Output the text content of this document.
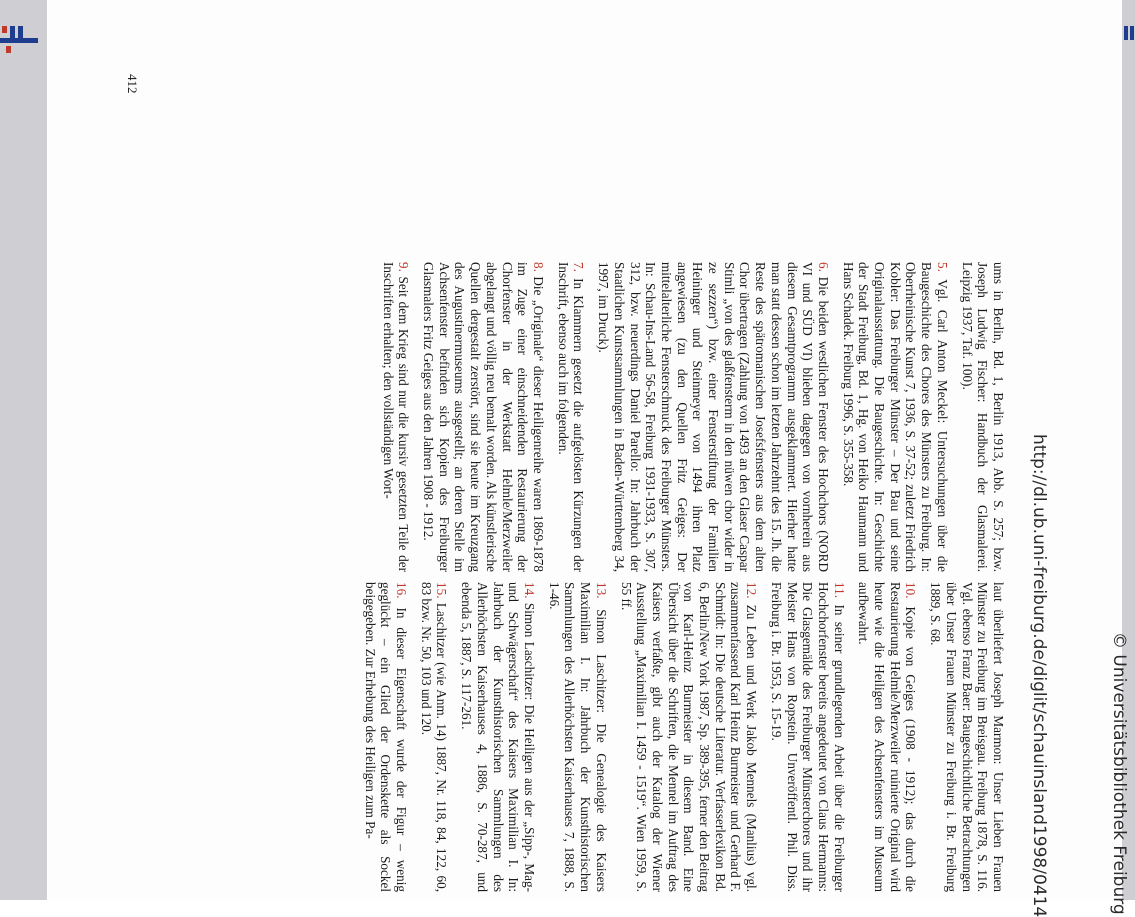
412

ums in Berlin, Bd. 1, Berlin 1913, Abb. S. 257; bzw. Joseph Ludwig Fischer: Handbuch der Glasmalerei. Leipzig 1937, Taf. 100).

5. Vgl. Carl Anton Meckel: Untersuchungen über die Baugeschichte des Chores des Münsters zu Freiburg. In: Oberrheinische Kunst 7, 1936, S. 37-52; zuletzt Friedrich Kobler: Das Freiburger Münster – Der Bau und seine Originalausstattung. Die Baugeschichte. In: Geschichte der Stadt Freiburg, Bd. 1, Hg. von Heiko Haumann und Hans Schadek. Freiburg 1996, S. 355-358.

6. Die beiden westlichen Fenster des Hochchors (NORD VI und SÜD VI) blieben dagegen von vornherein aus diesem Gesamtprogramm ausgeklammert. Hierher hatte man statt dessen schon im letzten Jahrzehnt des 15. Jh. die Reste des spätromanischen Josefsfensters aus dem alten Chor übertragen (Zahlung von 1493 an den Glaser Caspar Stimli „von des glaßfensterm in den nüwen chor wider in ze sezzen“) bzw. einer Fensterstiftung der Familien Heininger und Steinmeyer von 1494 ihren Platz angewiesen (zu den Quellen Fritz Geiges: Der mittelalterliche Fensterschmuck des Freiburger Münsters. In: Schau-Ins-Land 56-58, Freiburg 1931-1933, S. 307, 312, bzw. neuerdings Daniel Parello: In: Jahrbuch der Staatlichen Kunstsammlungen in Baden-Württemberg 34, 1997, im Druck).

7. In Klammern gesetzt die aufgelösten Kürzungen der Inschrift, ebenso auch im folgenden.

8. Die „Originale“ dieser Heiligenreihe waren 1869-1878 im Zuge einer einschneidenden Restaurierung der Chorfenster in der Werkstatt Helmle/Merzweiler abgelangt und völlig neu bemalt worden. Als künstlerische Quellen dergestalt zerstört, sind sie heute im Kreuzgang des Augustinermuseums ausgestellt; an deren Stelle im Achsenfenster befinden sich Kopien des Freiburger Glasmalers Fritz Geiges aus den Jahren 1908 - 1912.

9. Seit dem Krieg sind nur die kursiv gesetzten Teile der Inschriften erhalten; den vollständigen Wort-

laut überliefert Joseph Marmon: Unser Lieben Frauen Münster zu Freiburg im Breisgau. Freiburg 1878, S. 116. Vgl. ebenso Franz Baer: Baugeschichtliche Betrachtungen über Unser Frauen Münster zu Freiburg i. Br. Freiburg 1889, S. 68.

10. Kopie von Geiges (1908 - 1912); das durch die Restaurierung Helmle/Merzweiler ruinierte Original wird heute wie die Heiligen des Achsenfensters im Museum aufbewahrt.

11. In seiner grundlegenden Arbeit über die Freiburger Hochchorfenster bereits angedeutet von Claus Hermanns: Die Glasgemälde des Freiburger Münsterchores und ihr Meister Hans von Ropstein. Unveröffentl. Phil. Diss. Freiburg i. Br. 1953, S. 15-19.

12. Zu Leben und Werk Jakob Mennels (Manlius) vgl. zusammenfassend Karl Heinz Burmeister und Gerhard F. Schmidt: In: Die deutsche Literatur. Verfasserlexikon Bd. 6, Berlin/New York 1987, Sp. 389-395, ferner den Beitrag von Karl-Heinz Burmeister in diesem Band. Eine Übersicht über die Schriften, die Mennel im Auftrag des Kaisers verfaßte, gibt auch der Katalog der Wiener Ausstellung „Maximilian I. 1459 - 1519“. Wien 1959, S. 55 ff.

13. Simon Laschitzer: Die Genealogie des Kaisers Maximilian I. In: Jahrbuch der Kunsthistorischen Sammlungen des Allerhöchsten Kaiserhauses 7, 1888, S. 1-46.

14. Simon Laschitzer: Die Heiligen aus der „Sipp-, Mag- und Schwägerschaft“ des Kaisers Maximilian I. In: Jahrbuch der Kunsthistorischen Sammlungen des Allerhöchsten Kaiserhauses 4, 1886, S. 70-287, und ebenda 5, 1887, S. 117-261.

15. Laschitzer (wie Anm. 14) 1887, Nr. 118, 84, 122, 60, 83 bzw. Nr. 50, 103 und 120.

16. In dieser Eigenschaft wurde der Figur – wenig geglückt – ein Glied der Ordenskette als Sockel beigegeben. Zur Erhebung des Heiligen zum Pa-	http://dl.ub.uni-freiburg.de/diglit/schauinsland1998/0414	© Universitätsbibliothek Freiburg
